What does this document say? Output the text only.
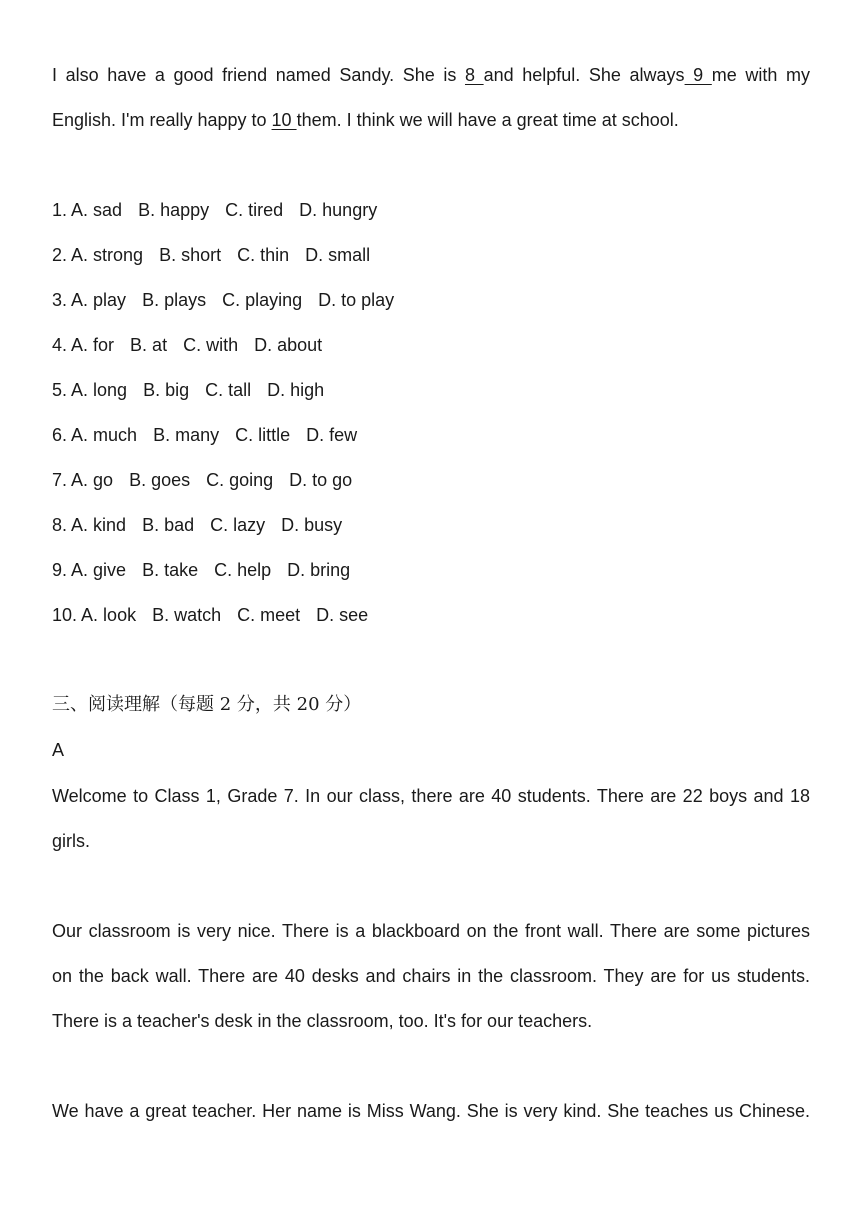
I also have a good friend named Sandy. She is 8 and helpful. She always 9 me with my
English. I'm really happy to 10 them. I think we will have a great time at school.
1. A. sad B. happy C. tired D. hungry
2. A. strong B. short C. thin D. small
3. A. play B. plays C. playing D. to play
4. A. for B. at C. with D. about
5. A. long B. big C. tall D. high
6. A. much B. many C. little D. few
7. A. go B. goes C. going D. to go
8. A. kind B. bad C. lazy D. busy
9. A. give B. take C. help D. bring
10. A. look B. watch C. meet D. see
三、阅读理解（每题 2 分，共 20 分）
A
Welcome to Class 1, Grade 7. In our class, there are 40 students. There are 22 boys and 18
girls.
Our classroom is very nice. There is a blackboard on the front wall. There are some pictures
on the back wall. There are 40 desks and chairs in the classroom. They are for us students.
There is a teacher's desk in the classroom, too. It's for our teachers.
We have a great teacher. Her name is Miss Wang. She is very kind. She teaches us Chinese.
